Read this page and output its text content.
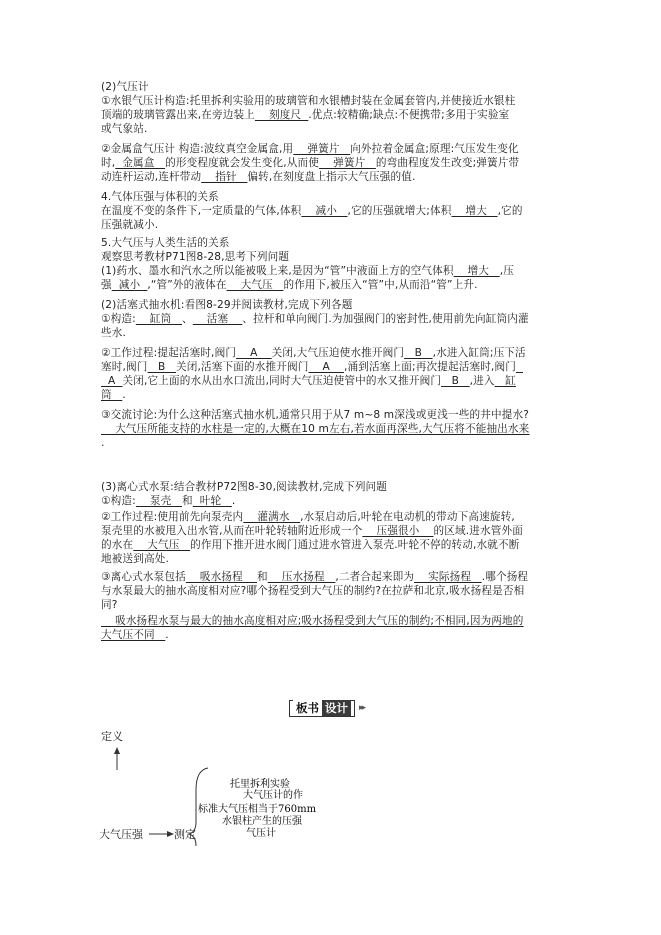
(2)气压计
①水银气压计构造:托里拆利实验用的玻璃管和水银槽封装在金属套管内,并使接近水银柱
顶端的玻璃管露出来,在旁边装上    刻度尺  .优点:较精确;缺点:不便携带;多用于实验室
或气象站.
②金属盒气压计 构造:波纹真空金属盒,用    弹簧片   向外拉着金属盒;原理:气压发生变化
时,  金属盒   的形变程度就会发生变化,从而使    弹簧片   的弯曲程度发生改变;弹簧片带
动连杆运动,连杆带动    指针   偏转,在刻度盘上指示大气压强的值.
4.气体压强与体积的关系
在温度不变的条件下,一定质量的气体,体积    减小   ,它的压强就增大;体积    增大   ,它的
压强就减小.
5.大气压与人类生活的关系
观察思考教材P71图8-28,思考下列问题
(1)药水、墨水和汽水之所以能被吸上来,是因为“管”中液面上方的空气体积    增大   ,压
强  减小  ,“管”外的液体在    大气压   的作用下,被压入“管”中,从而沿“管”上升.
(2)活塞式抽水机:看图8-29并阅读教材,完成下列各题
①构造:    缸筒   、    活塞    、拉杆和单向阀门.为加强阀门的密封性,使用前先向缸筒内灌
些水.
②工作过程:提起活塞时,阀门    A    关闭,大气压迫使水推开阀门   B   ,水进入缸筒;压下活
塞时,阀门   B   关闭,活塞下面的水推开阀门    A    ,涌到活塞上面;再次提起活塞时,阀门
A  关闭,它上面的水从出水口流出,同时大气压迫使管中的水又推开阀门   B   ,进入   缸
筒   .
③交流讨论:为什么这种活塞式抽水机,通常只用于从7 m~8 m深浅或更浅一些的井中提水?
大气压所能支持的水柱是一定的,大概在10 m左右,若水面再深些,大气压将不能抽出水来
.
(3)离心式水泵:结合教材P72图8-30,阅读教材,完成下列问题
①构造:    泵壳   和  叶轮   .
②工作过程:使用前先向泵壳内    灌满水   ,水泵启动后,叶轮在电动机的带动下高速旋转,
泵壳里的水被甩入出水管,从而在叶轮转轴附近形成一个    压强很小    的区域.进水管外面
的水在    大气压   的作用下推开进水阀门通过进水管进入泵壳.叶轮不停的转动,水就不断
地被送到高处.
③离心式水泵包括    吸水扬程    和    压水扬程   ,二者合起来即为    实际扬程   .哪个扬程
与水泵最大的抽水高度相对应?哪个扬程受到大气压的制约?在拉萨和北京,吸水扬程是否相
同?
吸水扬程水泵与最大的抽水高度相对应;吸水扬程受到大气压的制约;不相同,因为两地的
大气压不同   .
板书 设计	▸▸
定义
大气压强	测定
托里拆利实验
大气压计的作
标准大气压相当于760mm
水银柱产生的压强
气压计
